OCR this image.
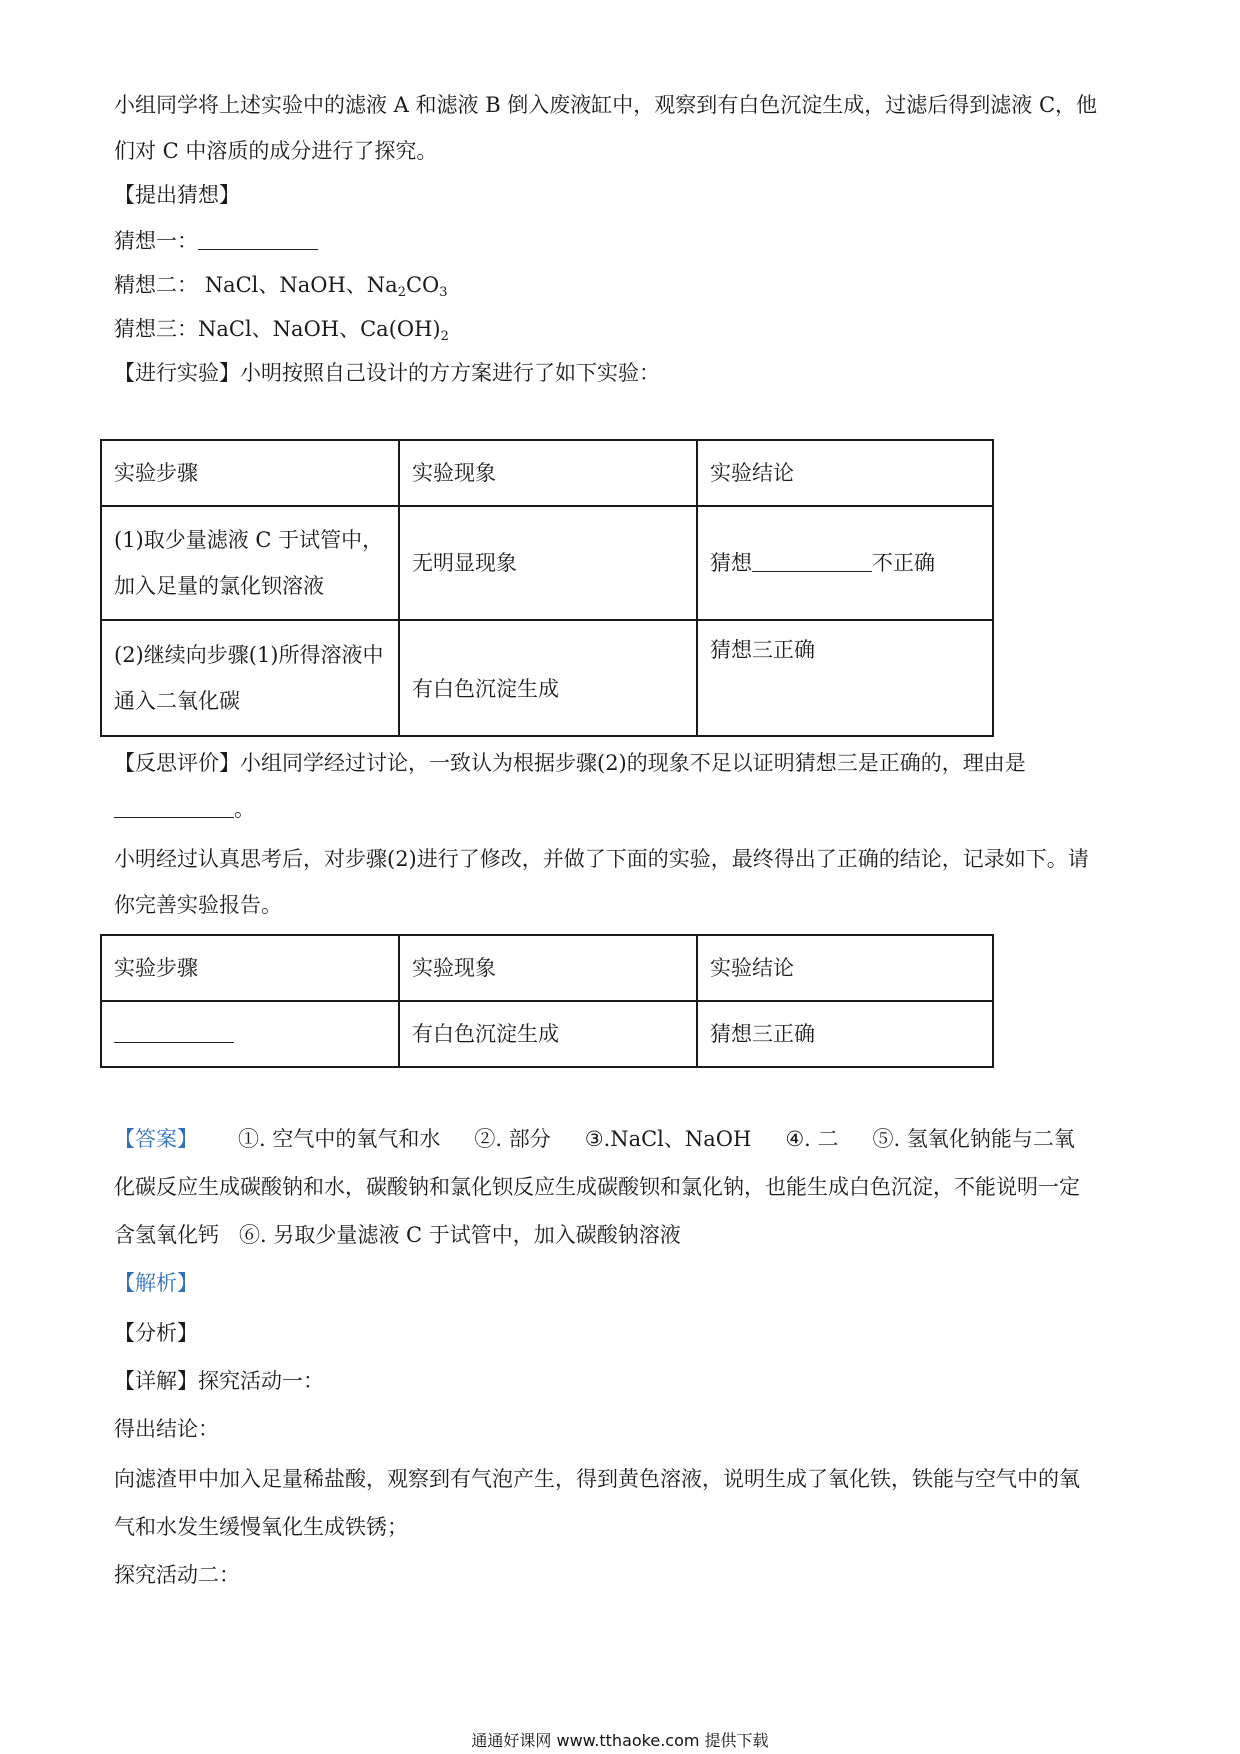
小组同学将上述实验中的滤液 A 和滤液 B 倒入废液缸中，观察到有白色沉淀生成，过滤后得到滤液 C，他
们对 C 中溶质的成分进行了探究。
【提出猜想】
猜想一：
精想二： NaCl、NaOH、$Na_2CO_3$
猜想三：NaCl、NaOH、$Ca(OH)_2$
【进行实验】小明按照自己设计的方方案进行了如下实验：
实验步骤	实验现象	实验结论

(1)取少量滤液 C 于试管中，
加入足量的氯化钡溶液	无明显现象	猜想 不正确

(2)继续向步骤(1)所得溶液中
通入二氧化碳	有白色沉淀生成	猜想三正确
【反思评价】小组同学经过讨论，一致认为根据步骤(2)的现象不足以证明猜想三是正确的，理由是
。
小明经过认真思考后，对步骤(2)进行了修改，并做了下面的实验，最终得出了正确的结论，记录如下。请
你完善实验报告。
实验步骤	实验现象	实验结论
	有白色沉淀生成	猜想三正确
【答案】 ①. 空气中的氧气和水 ②. 部分 ③.NaCl、NaOH ④. 二 ⑤. 氢氧化钠能与二氧
化碳反应生成碳酸钠和水，碳酸钠和氯化钡反应生成碳酸钡和氯化钠，也能生成白色沉淀，不能说明一定
含氢氧化钙 ⑥. 另取少量滤液 C 于试管中，加入碳酸钠溶液
【解析】
【分析】
【详解】探究活动一：
得出结论：
向滤渣甲中加入足量稀盐酸，观察到有气泡产生，得到黄色溶液，说明生成了氧化铁，铁能与空气中的氧
气和水发生缓慢氧化生成铁锈；
探究活动二：
通通好课网 www.tthaoke.com 提供下载
